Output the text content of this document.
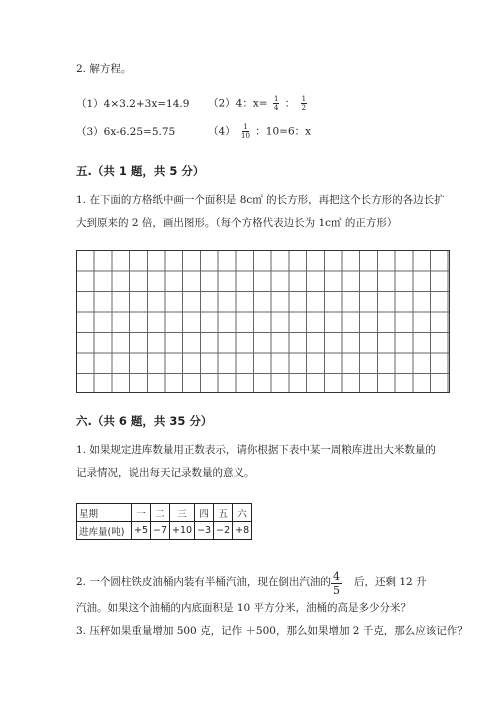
2. 解方程。
（1）4×3.2+3x=14.9 （2）4：$x= \frac{1}{4}$ ： $\frac{1}{2}$
（3）6x-6.25=5.75	$(4) \frac{1}{10}$ ：10=6：x
五.（共 1 题，共 5 分）
1. 在下面的方格纸中画一个面积是 8c㎡ 的长方形，再把这个长方形的各边长扩
大到原来的 2 倍，画出图形。（每个方格代表边长为 1c㎡ 的正方形）
六.（共 6 题，共 35 分）
1. 如果规定进库数量用正数表示，请你根据下表中某一周粮库进出大米数量的
记录情况，说出每天记录数量的意义。
星期	一	二	三	四	五	六
进库量(吨)	+5	−7	+10	−3	−2	+8
2. 一个圆柱铁皮油桶内装有半桶汽油，现在倒出汽油的 4
5
后，还剩 12 升
汽油。如果这个油桶的内底面积是 10 平方分米，油桶的高是多少分米？
3. 压秤如果重量增加 500 克，记作 ＋500，那么如果增加 2 千克，那么应该记作？
